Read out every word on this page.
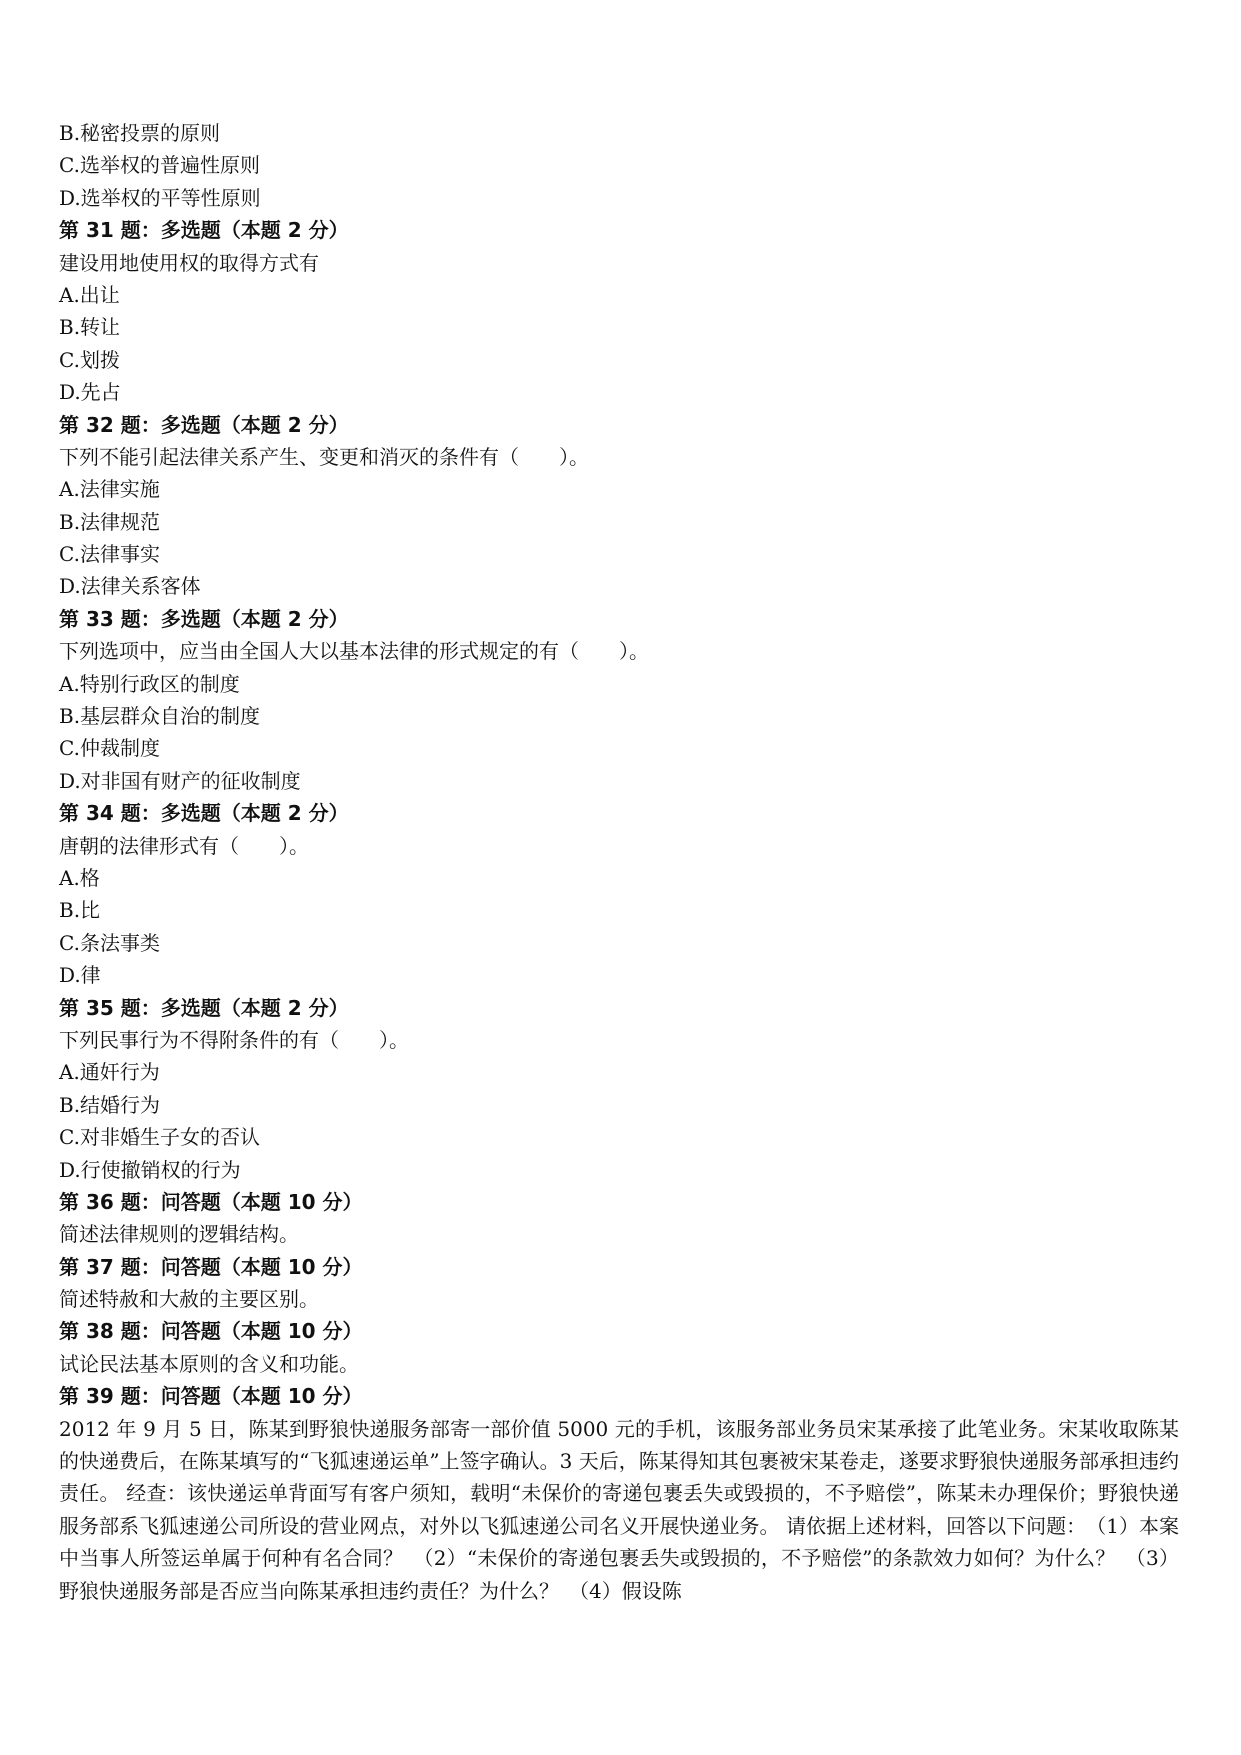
B.秘密投票的原则
C.选举权的普遍性原则
D.选举权的平等性原则
第 31 题：多选题（本题 2 分）
建设用地使用权的取得方式有
A.出让
B.转让
C.划拨
D.先占
第 32 题：多选题（本题 2 分）
下列不能引起法律关系产生、变更和消灭的条件有（　　）。
A.法律实施
B.法律规范
C.法律事实
D.法律关系客体
第 33 题：多选题（本题 2 分）
下列选项中，应当由全国人大以基本法律的形式规定的有（　　）。
A.特别行政区的制度
B.基层群众自治的制度
C.仲裁制度
D.对非国有财产的征收制度
第 34 题：多选题（本题 2 分）
唐朝的法律形式有（　　）。
A.格
B.比
C.条法事类
D.律
第 35 题：多选题（本题 2 分）
下列民事行为不得附条件的有（　　）。
A.通奸行为
B.结婚行为
C.对非婚生子女的否认
D.行使撤销权的行为
第 36 题：问答题（本题 10 分）
简述法律规则的逻辑结构。
第 37 题：问答题（本题 10 分）
简述特赦和大赦的主要区别。
第 38 题：问答题（本题 10 分）
试论民法基本原则的含义和功能。
第 39 题：问答题（本题 10 分）
2012 年 9 月 5 日，陈某到野狼快递服务部寄一部价值 5000 元的手机，该服务部业务员宋某承接了此笔业务。宋某收取陈某的快递费后，在陈某填写的“飞狐速递运单”上签字确认。3 天后，陈某得知其包裹被宋某卷走，遂要求野狼快递服务部承担违约责任。 经查：该快递运单背面写有客户须知，载明“未保价的寄递包裹丢失或毁损的，不予赔偿”，陈某未办理保价；野狼快递服务部系飞狐速递公司所设的营业网点，对外以飞狐速递公司名义开展快递业务。 请依据上述材料，回答以下问题：　（1）本案中当事人所签运单属于何种有名合同？　（2）“未保价的寄递包裹丢失或毁损的，不予赔偿”的条款效力如何？为什么？　（3）野狼快递服务部是否应当向陈某承担违约责任？为什么？　（4）假设陈
